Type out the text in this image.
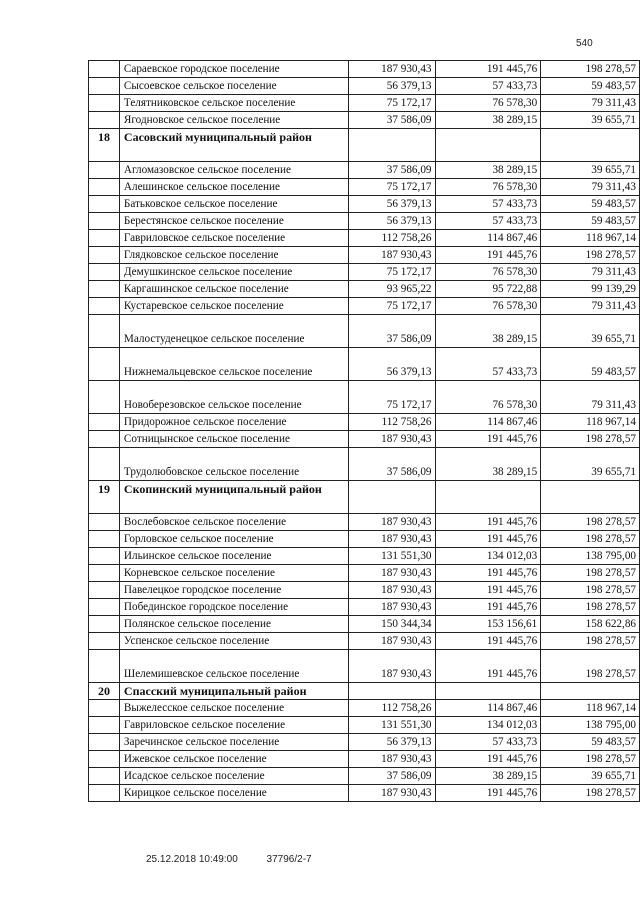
540
	Сараевское городское поселение	187 930,43	191 445,76	198 278,57
	Сысоевское сельское поселение	56 379,13	57 433,73	59 483,57
	Телятниковское сельское поселение	75 172,17	76 578,30	79 311,43
	Ягодновское сельское поселение	37 586,09	38 289,15	39 655,71
18	Сасовский муниципальный район			
	Агломазовское сельское поселение	37 586,09	38 289,15	39 655,71
	Алешинское сельское поселение	75 172,17	76 578,30	79 311,43
	Батьковское сельское поселение	56 379,13	57 433,73	59 483,57
	Берестянское сельское поселение	56 379,13	57 433,73	59 483,57
	Гавриловское сельское поселение	112 758,26	114 867,46	118 967,14
	Глядковское сельское поселение	187 930,43	191 445,76	198 278,57
	Демушкинское сельское поселение	75 172,17	76 578,30	79 311,43
	Каргашинское сельское поселение	93 965,22	95 722,88	99 139,29
	Кустаревское сельское поселение	75 172,17	76 578,30	79 311,43
	Малостуденецкое сельское поселение	37 586,09	38 289,15	39 655,71
	Нижнемальцевское сельское поселение	56 379,13	57 433,73	59 483,57
	Новоберезовское сельское поселение	75 172,17	76 578,30	79 311,43
	Придорожное сельское поселение	112 758,26	114 867,46	118 967,14
	Сотницынское сельское поселение	187 930,43	191 445,76	198 278,57
	Трудолюбовское сельское поселение	37 586,09	38 289,15	39 655,71
19	Скопинский муниципальный район			
	Вослебовское сельское поселение	187 930,43	191 445,76	198 278,57
	Горловское сельское поселение	187 930,43	191 445,76	198 278,57
	Ильинское сельское поселение	131 551,30	134 012,03	138 795,00
	Корневское сельское поселение	187 930,43	191 445,76	198 278,57
	Павелецкое городское поселение	187 930,43	191 445,76	198 278,57
	Побединское городское поселение	187 930,43	191 445,76	198 278,57
	Полянское сельское поселение	150 344,34	153 156,61	158 622,86
	Успенское сельское поселение	187 930,43	191 445,76	198 278,57
	Шелемишевское сельское поселение	187 930,43	191 445,76	198 278,57
20	Спасский муниципальный район			
	Выжелесское сельское поселение	112 758,26	114 867,46	118 967,14
	Гавриловское сельское поселение	131 551,30	134 012,03	138 795,00
	Заречинское сельское поселение	56 379,13	57 433,73	59 483,57
	Ижевское сельское поселение	187 930,43	191 445,76	198 278,57
	Исадское сельское поселение	37 586,09	38 289,15	39 655,71
	Кирицкое сельское поселение	187 930,43	191 445,76	198 278,57
25.12.2018 10:49:00	37796/2-7
